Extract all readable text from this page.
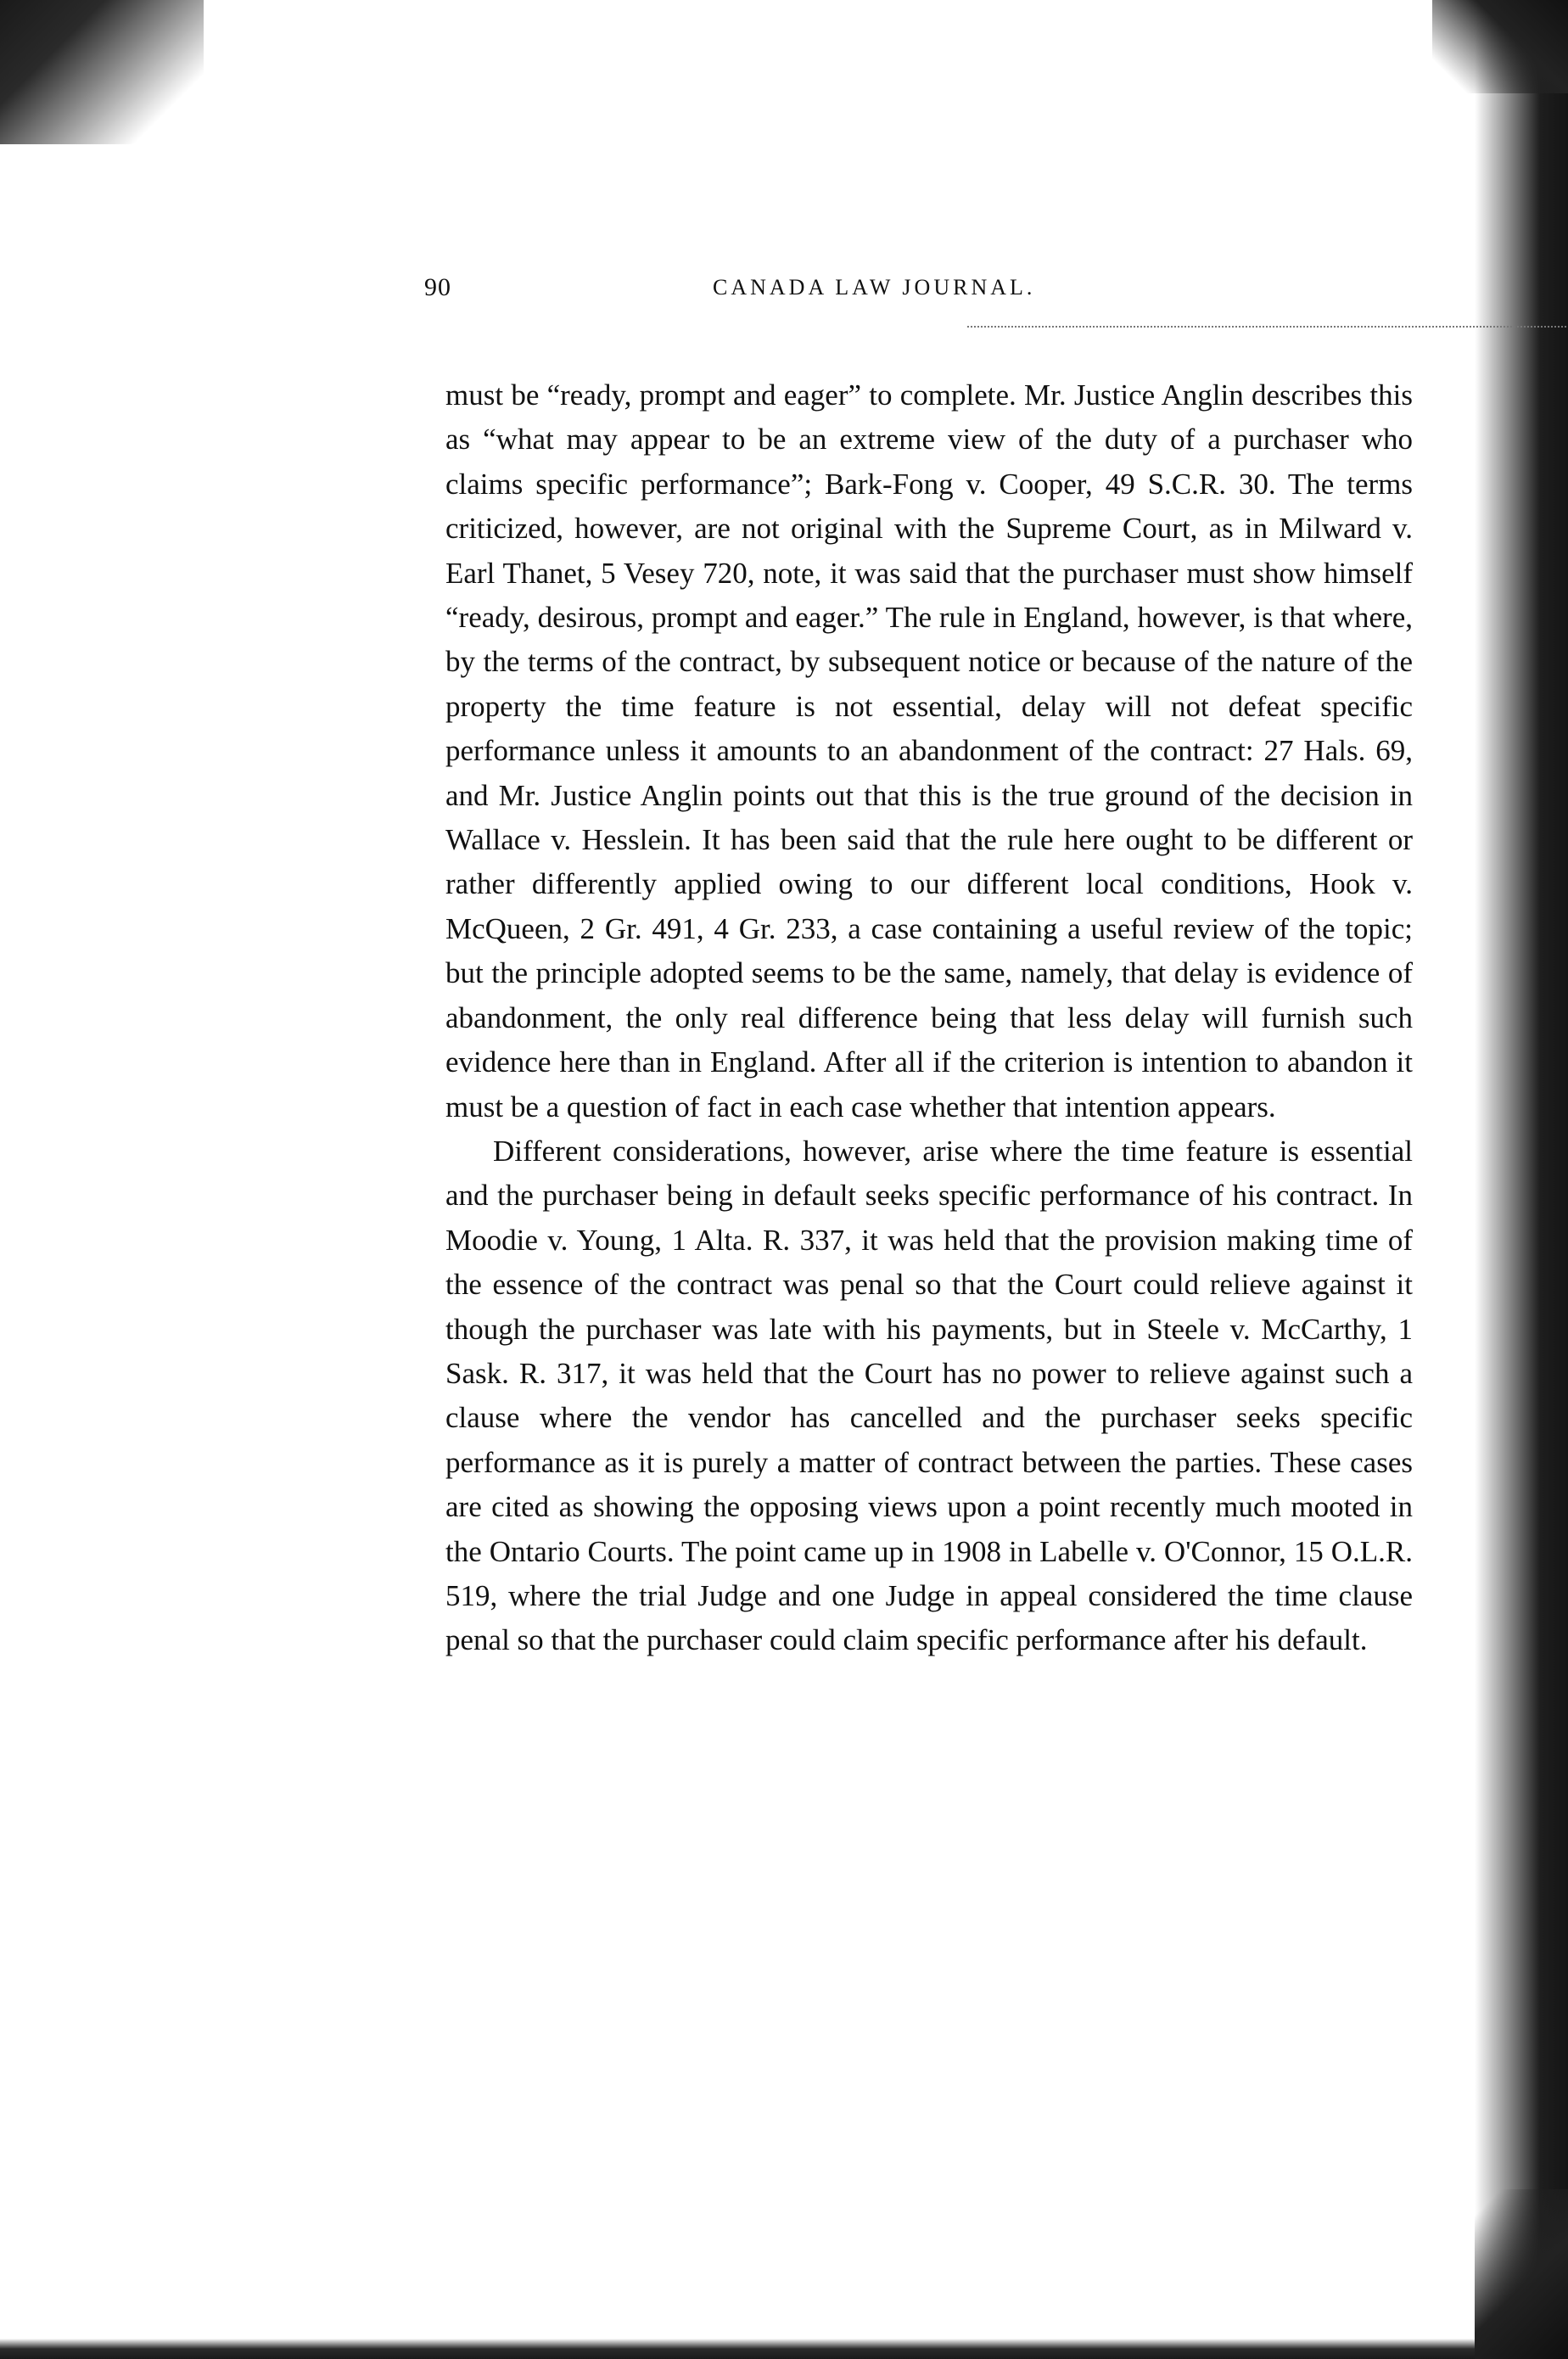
90	CANADA LAW JOURNAL.

must be “ready, prompt and eager” to complete. Mr. Justice Anglin describes this as “what may appear to be an extreme view of the duty of a purchaser who claims specific performance”; Bark-Fong v. Cooper, 49 S.C.R. 30. The terms criticized, however, are not original with the Supreme Court, as in Milward v. Earl Thanet, 5 Vesey 720, note, it was said that the purchaser must show himself “ready, desirous, prompt and eager.” The rule in England, however, is that where, by the terms of the contract, by subsequent notice or because of the nature of the property the time feature is not essential, delay will not defeat specific performance unless it amounts to an abandonment of the contract: 27 Hals. 69, and Mr. Justice Anglin points out that this is the true ground of the decision in Wallace v. Hesslein. It has been said that the rule here ought to be different or rather differently applied owing to our different local conditions, Hook v. McQueen, 2 Gr. 491, 4 Gr. 233, a case containing a useful review of the topic; but the principle adopted seems to be the same, namely, that delay is evidence of abandonment, the only real difference being that less delay will furnish such evidence here than in England. After all if the criterion is intention to abandon it must be a question of fact in each case whether that intention appears.

Different considerations, however, arise where the time feature is essential and the purchaser being in default seeks specific performance of his contract. In Moodie v. Young, 1 Alta. R. 337, it was held that the provision making time of the essence of the contract was penal so that the Court could relieve against it though the purchaser was late with his payments, but in Steele v. McCarthy, 1 Sask. R. 317, it was held that the Court has no power to relieve against such a clause where the vendor has cancelled and the purchaser seeks specific performance as it is purely a matter of contract between the parties. These cases are cited as showing the opposing views upon a point recently much mooted in the Ontario Courts. The point came up in 1908 in Labelle v. O'Connor, 15 O.L.R. 519, where the trial Judge and one Judge in appeal considered the time clause penal so that the purchaser could claim specific performance after his default.
